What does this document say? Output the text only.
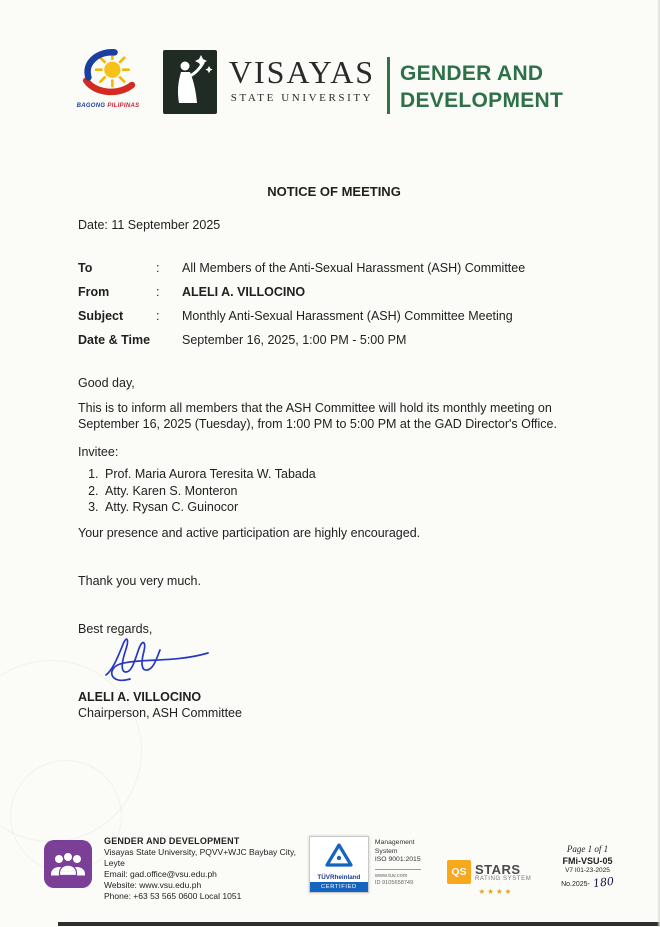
BAGONG PILIPINAS
VISAYAS
STATE UNIVERSITY
GENDER AND
DEVELOPMENT
NOTICE OF MEETING
Date: 11 September 2025
To	:	All Members of the Anti-Sexual Harassment (ASH) Committee
From	:	ALELI A. VILLOCINO
Subject	:	Monthly Anti-Sexual Harassment (ASH) Committee Meeting
Date & Time	September 16, 2025, 1:00 PM - 5:00 PM
Good day,
This is to inform all members that the ASH Committee will hold its monthly meeting on September 16, 2025 (Tuesday), from 1:00 PM to 5:00 PM at the GAD Director's Office.
Invitee:
1. Prof. Maria Aurora Teresita W. Tabada
2. Atty. Karen S. Monteron
3. Atty. Rysan C. Guinocor
Your presence and active participation are highly encouraged.
Thank you very much.
Best regards,
ALELI A. VILLOCINO
Chairperson, ASH Committee
GENDER AND DEVELOPMENT
Visayas State University, PQVV+WJC Baybay City, Leyte
Email: gad.office@vsu.edu.ph
Website: www.vsu.edu.ph
Phone: +63 53 565 0600 Local 1051
TÜVRheinland
CERTIFIED
Management
System
ISO 9001:2015
www.tuv.com
ID 9105658749
QS STARS
RATING SYSTEM
★★★★
Page 1 of 1
FMi-VSU-05
V7 I01-23-2025
No.2025- 180
